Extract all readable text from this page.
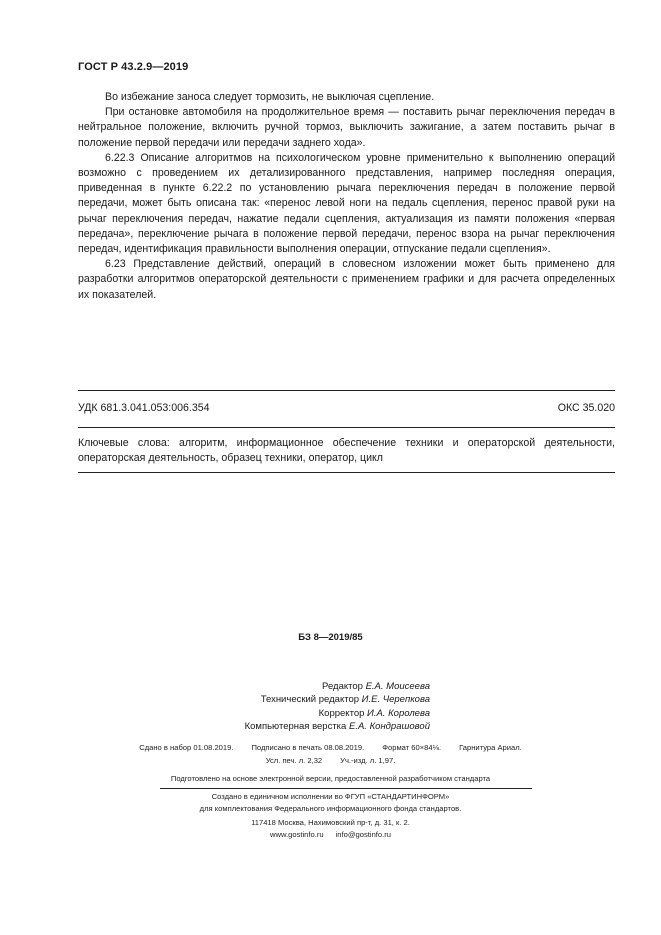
ГОСТ Р 43.2.9—2019

Во избежание заноса следует тормозить, не выключая сцепление.

При остановке автомобиля на продолжительное время — поставить рычаг переключения передач в нейтральное положение, включить ручной тормоз, выключить зажигание, а затем поставить рычаг в положение первой передачи или передачи заднего хода».

6.22.3 Описание алгоритмов на психологическом уровне применительно к выполнению операций возможно с проведением их детализированного представления, например последняя операция, приведенная в пункте 6.22.2 по установлению рычага переключения передач в положение первой передачи, может быть описана так: «перенос левой ноги на педаль сцепления, перенос правой руки на рычаг переключения передач, нажатие педали сцепления, актуализация из памяти положения «первая передача», переключение рычага в положение первой передачи, перенос взора на рычаг переключения передач, идентификация правильности выполнения операции, отпускание педали сцепления».

6.23 Представление действий, операций в словесном изложении может быть применено для разработки алгоритмов операторской деятельности с применением графики и для расчета определенных их показателей.

УДК 681.3.041.053:006.354	ОКС 35.020
Ключевые слова: алгоритм, информационное обеспечение техники и операторской деятельности, операторская деятельность, образец техники, оператор, цикл
БЗ 8—2019/85
Редактор Е.А. Моисеева
Технический редактор И.Е. Черепкова
Корректор И.А. Королева
Компьютерная верстка Е.А. Кондрашовой
Сдано в набор 01.08.2019. Подписано в печать 08.08.2019. Формат 60×84⅛. Гарнитура Ариал.
Усл. печ. л. 2,32 Уч.-изд. л. 1,97.
Подготовлено на основе электронной версии, предоставленной разработчиком стандарта
Создано в единичном исполнении во ФГУП «СТАНДАРТИНФОРМ»
для комплектования Федерального информационного фонда стандартов.
117418 Москва, Нахимовский пр-т, д. 31, к. 2.
www.gostinfo.ru info@gostinfo.ru
